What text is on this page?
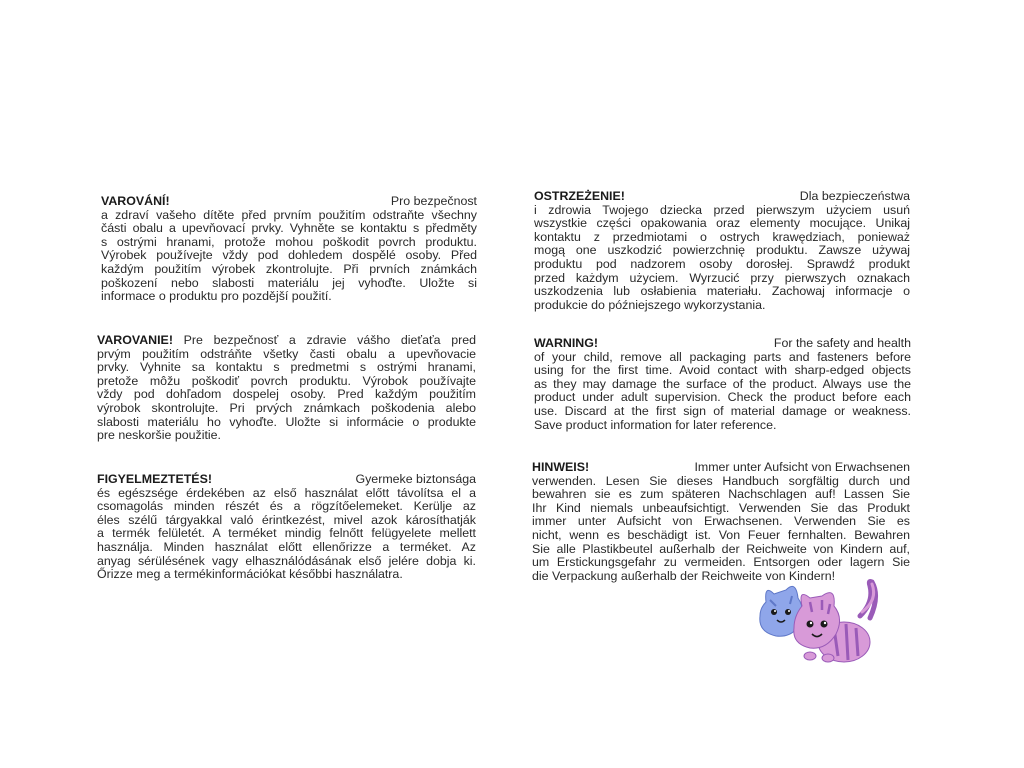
VAROVÁNÍ!	Pro bezpečnost
a zdraví vašeho dítěte před prvním použitím odstraňte všechny
části obalu a upevňovací prvky. Vyhněte se kontaktu s předměty
s ostrými hranami, protože mohou poškodit povrch produktu.
Výrobek používejte vždy pod dohledem dospělé osoby. Před
každým použitím výrobek zkontrolujte. Při prvních známkách
poškození nebo slabosti materiálu jej vyhoďte. Uložte si
informace o produktu pro pozdější použití.
VAROVANIE! Pre bezpečnosť a zdravie vášho dieťaťa pred
prvým použitím odstráňte všetky časti obalu a upevňovacie
prvky. Vyhnite sa kontaktu s predmetmi s ostrými hranami,
pretože môžu poškodiť povrch produktu. Výrobok používajte
vždy pod dohľadom dospelej osoby. Pred každým použitím
výrobok skontrolujte. Pri prvých známkach poškodenia alebo
slabosti materiálu ho vyhoďte. Uložte si informácie o produkte
pre neskoršie použitie.
FIGYELMEZTETÉS!	Gyermeke biztonsága
és egészsége érdekében az első használat előtt távolítsa el a
csomagolás minden részét és a rögzítőelemeket. Kerülje az
éles szélű tárgyakkal való érintkezést, mivel azok károsíthatják
a termék felületét. A terméket mindig felnőtt felügyelete mellett
használja. Minden használat előtt ellenőrizze a terméket. Az
anyag sérülésének vagy elhasználódásának első jelére dobja ki.
Őrizze meg a termékinformációkat későbbi használatra.
OSTRZEŻENIE!	Dla bezpieczeństwa
i zdrowia Twojego dziecka przed pierwszym użyciem usuń
wszystkie części opakowania oraz elementy mocujące. Unikaj
kontaktu z przedmiotami o ostrych krawędziach, ponieważ
mogą one uszkodzić powierzchnię produktu. Zawsze używaj
produktu pod nadzorem osoby dorosłej. Sprawdź produkt
przed każdym użyciem. Wyrzucić przy pierwszych oznakach
uszkodzenia lub osłabienia materiału. Zachowaj informacje o
produkcie do późniejszego wykorzystania.
WARNING!	For the safety and health
of your child, remove all packaging parts and fasteners before
using for the first time. Avoid contact with sharp-edged objects
as they may damage the surface of the product. Always use the
product under adult supervision. Check the product before each
use. Discard at the first sign of material damage or weakness.
Save product information for later reference.
HINWEIS!	Immer unter Aufsicht von Erwachsenen
verwenden. Lesen Sie dieses Handbuch sorgfältig durch und
bewahren sie es zum späteren Nachschlagen auf! Lassen Sie
Ihr Kind niemals unbeaufsichtigt. Verwenden Sie das Produkt
immer unter Aufsicht von Erwachsenen. Verwenden Sie es
nicht, wenn es beschädigt ist. Von Feuer fernhalten. Bewahren
Sie alle Plastikbeutel außerhalb der Reichweite von Kindern auf,
um Erstickungsgefahr zu vermeiden. Entsorgen oder lagern Sie
die Verpackung außerhalb der Reichweite von Kindern!
